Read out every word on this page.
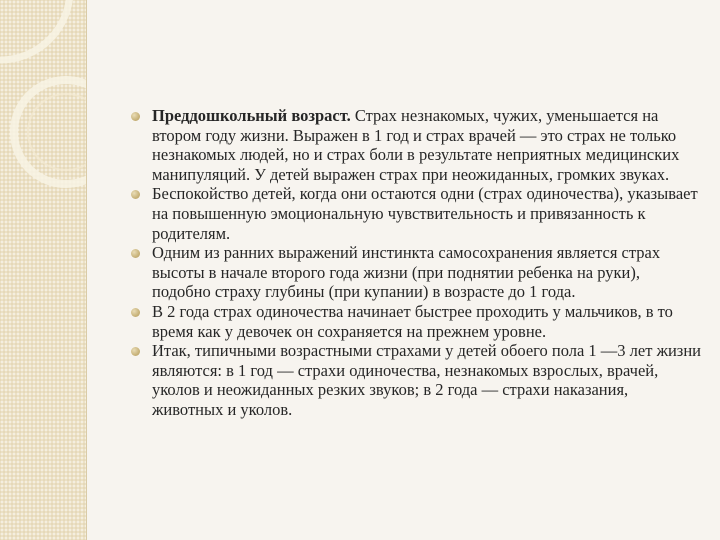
Преддошкольный возраст. Страх незнакомых, чужих, уменьшается на втором году жизни. Выражен в 1 год и страх врачей — это страх не только незнакомых людей, но и страх боли в результате неприятных медицинских манипуляций. У детей выражен страх при неожиданных, громких звуках.
Беспокойство детей, когда они остаются одни (страх одиночества), указывает на повышенную эмоциональную чувствительность и привязанность к родителям.
Одним из ранних выражений инстинкта самосохранения является страх высоты в начале второго года жизни (при поднятии ребенка на руки), подобно страху глубины (при купании) в возрасте до 1 года.
В 2 года страх одиночества начинает быстрее проходить у мальчиков, в то время как у девочек он сохраняется на прежнем уровне.
Итак, типичными возрастными страхами у детей обоего пола 1 —3 лет жизни являются: в 1 год — страхи одиночества, незнакомых взрослых, врачей, уколов и неожиданных резких звуков; в 2 года — страхи наказания, животных и уколов.
